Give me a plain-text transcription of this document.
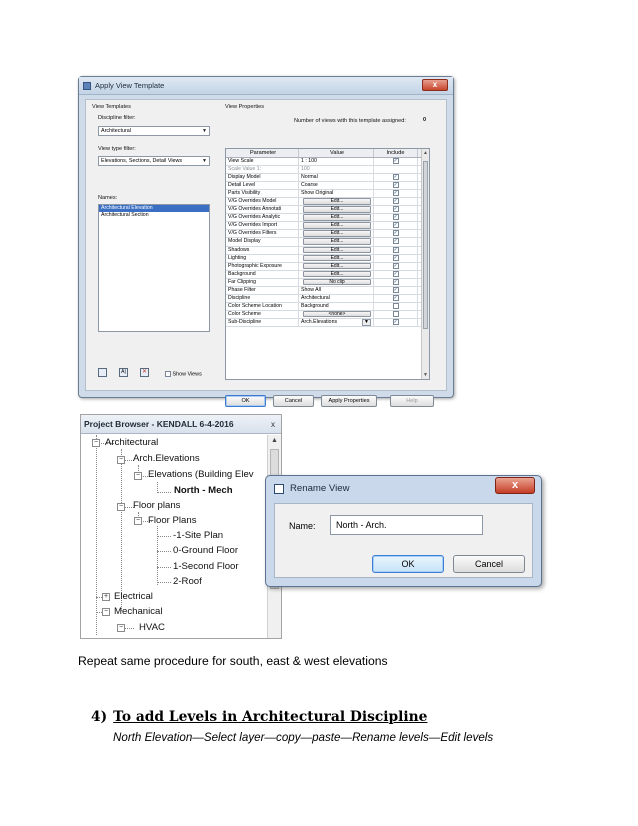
Apply View Template	x
View Templates
Discipline filter:
Architectural	▼
View type filter:
Elevations, Sections, Detail Views	▼
Names:
Architectural Elevation
Architectural Section
A|	✕	Show Views
View Properties
Number of views with this template assigned:	0
Parameter	Value	Include
View Scale	1 : 100	✓
Scale Value 1:	100
Display Model	Normal	✓
Detail Level	Coarse	✓
Parts Visibility	Show Original	✓
V/G Overrides Model	Edit...	✓
V/G Overrides Annotati	Edit...	✓
V/G Overrides Analytic	Edit...	✓
V/G Overrides Import	Edit...	✓
V/G Overrides Filters	Edit...	✓
Model Display	Edit...	✓
Shadows	Edit...	✓
Lighting	Edit...	✓
Photographic Exposure	Edit...	✓
Background	Edit...	✓
Far Clipping	No clip	✓
Phase Filter	Show All	✓
Discipline	Architectural	✓
Color Scheme Location	Background
Color Scheme	<none>
Sub-Discipline	Arch.Elevations	▼	✓
▲
▼
OK	Cancel	Apply Properties	Help
Project Browser - KENDALL 6-4-2016	x
▲
−
−
−
−
−
+
−
−
Architectural
Arch.Elevations
Elevations (Building Elev
North - Mech
Floor plans
Floor Plans
-1-Site Plan
0-Ground Floor
1-Second Floor
2-Roof
Electrical
Mechanical
HVAC
Rename View	x
Name:	North - Arch.
OK	Cancel
Repeat same procedure for south, east & west elevations
4) To add Levels in Architectural Discipline
North Elevation—Select layer—copy—paste—Rename levels—Edit levels
